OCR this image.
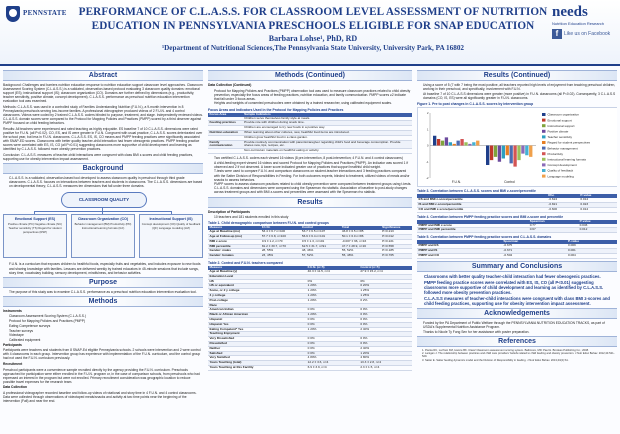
PENNSTATE PERFORMANCE OF C.L.A.S.S. FOR CLASSROOM LEVEL ASSESSMENT OF NUTRITION
EDUCATION IN PENNSYLVANIA PRESCHOOLS ELIGIBLE FOR SNAP EDUCATION
Barbara Lohse¹, PhD, RD
¹Department of Nutritional Sciences,The Pennsylvania State University, University Park, PA 16802
needs
Nutrition Education Research
f	Like us on Facebook
Abstract

Background: Challenges and barriers nutrition education response to nutrition education support classroom level approaches. Classroom Assessment Scoring System (C.L.A.S.S.) is a validated, observation-based protocol evaluating 3 classroom quality domains: emotional support (ES); instructional support (IS); classroom organization (CO). Domains are further defined by dimensions (e.g., productivity, teacher sensitivity, positive climate, concept development). C.L.A.S.S. performance as preschool nutrition education intervention evaluation tool was examined.

Methods: C.L.A.S.S. was used in a controlled study of Families Understanding Nutrition (F.U.N.), a 9-month intervention in 8 Pennsylvania preschools serving low-income families. A professional videographer produced videos of 2 F.U.N. and 4 control classrooms. Videos were coded by 2 trained C.L.A.S.S. coders blinded to purpose, treatment, and stage. Independently reviewed videos. C.L.A.S.S. domain scores were compared to the Protocol for Mapping Policies and Practices (PMPP) scored by a third observer against PMPP focused on child feeding behaviors.

Results: All teachers were experienced and rated teaching as highly enjoyable. ES baseline 7 of 10 C.L.A.S.S. dimensions were rated positive for F.U.N. (all P<0.02). CO, ES, and IS were greater in F.U.N. Congruent with usual practice, C.L.A.S.S. scores deteriorated over the school year, but less in F.U.N. classrooms. C.L.A.S.S. ES, IS, CO means and PMPP feeding practices were significantly associated with SNAP-ED scores. Classrooms with better quality teacher-child interaction had fewer obesogenic practices. PMPP feeding practice scores were correlated with ES, IS, CO (all P<0.01) suggesting classrooms more supportive of child development and learning as identified by C.L.A.S.S. followed more obesity prevention practices.

Conclusion: C.L.A.S.S. measures of teacher-child interactions were congruent with class BMI z-scores and child feeding practices, supporting use for obesity intervention impact assessment.

Background
• C.L.A.S.S. is a validated, observation-based tool developed to assess classroom quality in preschool through third grade classrooms. C.L.A.S.S. focuses on interactions between teachers and students in classrooms. The C.L.A.S.S. dimensions are based on developmental theory; C.L.A.S.S. measures ten dimensions that fall under three domains.
CLASSROOM QUALITY
Emotional Support (ES)
Positive climate (PC) Negative climate (NC) Teacher sensitivity (TS) Regard for student perspectives (RSP)
Classroom Organization (CO)
Behavior management (BM) Productivity (PD) Instructional learning formats (ILF)
Instructional Support (IS)
Concept development (CD) Quality of feedback (QF) Language modeling (LM)
• F.U.N. is a curriculum that exposes children to healthful foods, especially fruits and vegetables, and includes exposure to new foods and sharing knowledge with families. Lessons are delivered weekly by trained educators in 45-minute sessions that include songs, story time, vocabulary building, sensory development, mindfulness, and behavior activities.
Purpose
• The purpose of this study was to examine C.L.A.S.S. performance as a preschool nutrition education intervention evaluation tool.
Methods

Instruments

• Classroom Assessment Scoring System (C.L.A.S.S.)
• Protocol for Mapping Policies and Practices (PMPP)
• Eating Competence surveys
• Teacher surveys
• Videotape
• Calibrated equipment

Participants

Participants were teachers and students from 8 SNAP-Ed eligible Pennsylvania schools. 2 schools were intervention and 2 were control with 4 classrooms in each group. Intervention group has experience with implementation of the F.U.N. curriculum, and the control group had not used the F.U.N. curriculum previously.

Recruitment

Preschool participants were a convenience sample recruited directly by the agency providing the F.U.N. curriculum. Preschools approached for participation were either enrolled in the F.U.N. program or, in the case of comparison schools, from preschools who had expressed an interest in the program but were not enrolled. Primary recruitment consideration was geographic location to reduce possible travel expenses for the research team.

Data Collection

A professional videographer recorded baseline and follow-up videos of rotational and story time in 4 F.U.N. and 4 control classrooms. Data were collected through observations of videotaped meals/snacks and activity at two time points near the beginning of the intervention (Fall) and near the end.

Methods (Continued)

Data Collection (Continued)

• Protocol for Mapping Policies and Practices (PMPP) observation tool was used to measure classroom practices related to child obesity prevention, especially the focus areas of feeding practices, nutrition education, and family communication. PMPP scores ≥2 indicate that fall under 3 focus areas.
• Heights and weights of consented preschoolers were obtained by a trained researcher, using calibrated equipment scales.
Focus Areas and Indicators Used in the Protocol for Mapping Policies and Practices
Focus Area	Sample Indicators
	Children serve themselves family style at meals.
Feeding practices	Provide role with children during snack time.
	Children are encouraged to try new foods in a positive way.
Nutrition education	When learning about other cultures, new, healthful food items are introduced.
	Children grow healthful food in a class garden.
Family communication	Provide routinely communication with parents/caregiver regarding child's food and beverage consumption. Provide shares new, tips, recipes, etc.
	Non-curriculum materials on healthful eating or activity.
• Two certified C.L.A.S.S. coders each viewed 16 videos (8 pre-intervention, 8 post-intervention; 4 F.U.N. and 4 control classrooms)
• A child-feeding expert viewed 16 videos and scored Protocol for Mapping Policies and Practices (PMPP). An indicator was scored 1 if observed and 2 if not observed. A lower score indicated greater use of practices that support healthful child weight.
• T-tests were used to compare F.U.N. and comparison classrooms on student-teacher interactions and 3 feeding practices compared with the Satter Division of Responsibilities in Feeding. For both outcomes experts, blinded to treatment, utilized videos of meals and/or snacks to assess behaviors.
• PMPP scores to assess classroom practices related to child obesity prevention were compared between treatment groups using t-tests. C.L.A.S.S. domains and dimensions were compared using the Spearman rho statistic. Association of baseline to post-study changes across treatment groups and with BMI z-scores and percentiles were assessed with the Spearman rho statistic.
Results

Description of Participants

• 10 teachers and 181 students enrolled in this study
Table 1. Child demographic comparison between F.U.N. and control groups
Measure	F.U.N.	Control	Total	Significance
Age at Baseline (mo)	53.4 ± 6.7 n=100	53.7 ± 6.5 n=107	46.8 ± 6.5 n=85	P=0.213
Age at Follow-up (mo)	57.7 ± 6.8, n=100	56.9 ± 6.4 n=101	50.1 ± 6.0 n=86	P=0.012
BMI z-score	0.9 ± 1.2, n=70	0.5 ± 1.3, n=101	-0.007 ± 96, n=16	P=0.221
BMI percentile	81.2 ± 30.7, n=70	62.5 ± 31.7, n=91	47.7 ± 28.9, n=16	P=0.558
Gender: males	28, 55%	48, 46%	55, 52%	P=0.185
Gender: females	23, 45%	57, 52%	55, 48%	P=0.765
Table 2. Control and F.U.N. teachers compared
Measure	F.U.N. (n=5)	Control (n=5)
Age at Baseline (y)	40.3 ± 11.5, n=4	27.9 ± 15.2, n=4
Education Level		
HS	0%	0%
HS or equivalent	1 20%	0 20%
Some, or 2 y college	1 20%	1 25%
4 y college	1 20%	1 25%
Post-college	1 20%	0 2%
Race		
American Indian	0 0%	0 0%
Black or African American	1 20%	0 0%
Hispanic	0 0%	0 0%
Hispanic Yes	0 0%	0 0%
Eating Competent* Yes	1 20%	2 40%
Teaching Enjoyment		
Very Dissatisfied	0 0%	0 0%
Dissatisfied	0 0%	0 0%
Neither	0 0%	2 40%
Satisfied	0 0%	1 20%
Very Satisfied	4 80%	4 80%
Years Teaching (total)	12.2 ± 3.6, n=4	13.3 ± 2.8, n=4
Years Teaching at this Facility	6.9 ± 3.9, n=4	2.3 ± 1.5, n=4
Results (Continued)
• Using a score of 5 (7 with 7 being the most positive, all teachers reported high levels of enjoyment from teaching preschool children, working in their preschool, and specifically, involvement with F.U.N.
• At baseline 7 of 10 C.L.A.S.S dimensions were greater (more positive) in F.U.N. classrooms (all P<0.02). Consequently, 3 C.L.A.S.S domains (CO, IS, ES) were all significantly greater in F.U.N. classrooms.
Figure 1. Pre to post changes in C.L.A.S.S. scores by intervention group
-2
-1
0
1
2
F.U.N.	Control
Classroom organization
Emotional support
Instructional support
Positive climate
Teacher sensitivity
Regard for student perspectives
Behavior management
Productivity
Instructional learning formats
Concept development
Quality of feedback
Language modeling
Table 3. Correlation between C.L.A.S.S. scores and BMI z-score/percentile
	Rho	P-value
ES and BMI z-score/percentile	-0.624	0.014
IS and BMI z-score/percentile	-0.821	0.023
CO and BMI z-score/percentile	-0.600	0.014
Table 4. Correlation between PMPP feeding practice scores and BMI z-score and percentile
	Spearman	P-value
PMPP and BMI z-score	0.77	0.046
PMPP and BMI percentile	0.67	0.012
Table 5. Correlation between PMPP feeding practice scores and C.L.A.S.S. domains
	Spearman	P-value
PMPP and ES	-0.675	0.009
PMPP and IS	-0.671	0.001
PMPP and CO	-0.504	0.004
Summary and Conclusions
• Classrooms with better quality teacher-child interaction had fewer obesogenic practices.
• PMPP feeding practice scores were correlated with ES, IS, CO (all P<0.01) suggesting classrooms more supportive of child development and learning as identified by C.L.A.S.S. followed more obesity prevention practices.
• C.L.A.S.S measures of teacher-child interactions were congruent with class BMI z-scores and child feeding practices, supporting use for obesity intervention impact assessment.
Acknowledgements
• Funded by the PA Department of Public Welfare through the PENNSYLVANIA NUTRITION EDUCATION TRACKS, as part of USDA's Supplemental Nutrition Assistance Program.
• Thanks to Nicole Ty Fong Sen for her assistance with poster preparation.
References
1. Pianta RC, La Paro KM, Hamre BK. Class! Classroom assessment scoring system. Baltimore, MD: Paul H. Brookes Publishing Co.; 2008.
2. Lanigan J. The relationship between practices and child care providers' beliefs related to child feeding and obesity prevention. J Nutr Educ Behav. 2012;44:521-529.
3. Satter E. Satter feeding dynamics model and the Division of Responsibility in feeding. J Nutr Educ Behav. 2013;43(4):S1.
